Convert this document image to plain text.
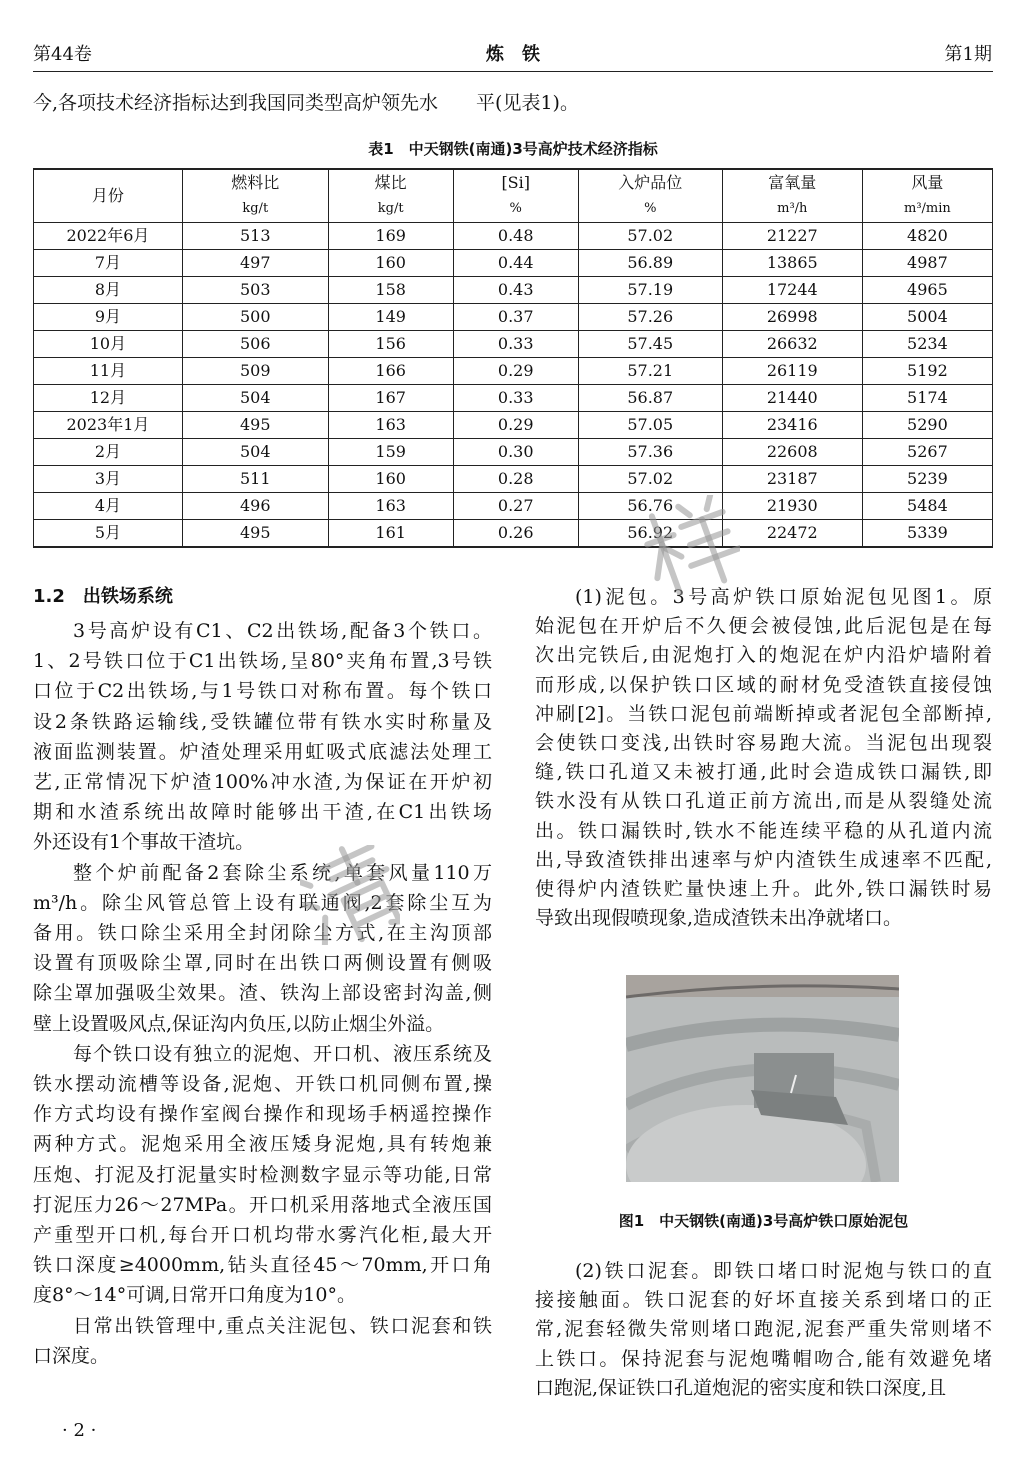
第44卷	炼　铁	第1期
今,各项技术经济指标达到我国同类型高炉领先水　　平(见表1)。
表1　中天钢铁(南通)3号高炉技术经济指标
月份	燃料比	煤比	[Si]	入炉品位	富氧量	风量
	kg/t	kg/t	%	%	m³/h	m³/min
2022年6月	513	169	0.48	57.02	21227	4820
7月	497	160	0.44	56.89	13865	4987
8月	503	158	0.43	57.19	17244	4965
9月	500	149	0.37	57.26	26998	5004
10月	506	156	0.33	57.45	26632	5234
11月	509	166	0.29	57.21	26119	5192
12月	504	167	0.33	56.87	21440	5174
2023年1月	495	163	0.29	57.05	23416	5290
2月	504	159	0.30	57.36	22608	5267
3月	511	160	0.28	57.02	23187	5239
4月	496	163	0.27	56.76	21930	5484
5月	495	161	0.26	56.92	22472	5339
1.2　出铁场系统
3号高炉设有C1、C2出铁场,配备3个铁口。
1、2号铁口位于C1出铁场,呈80°夹角布置,3号铁
口位于C2出铁场,与1号铁口对称布置。每个铁口
设2条铁路运输线,受铁罐位带有铁水实时称量及
液面监测装置。炉渣处理采用虹吸式底滤法处理工
艺,正常情况下炉渣100%冲水渣,为保证在开炉初
期和水渣系统出故障时能够出干渣,在C1出铁场
外还设有1个事故干渣坑。
整个炉前配备2套除尘系统,单套风量110万
m³/h。除尘风管总管上设有联通阀,2套除尘互为
备用。铁口除尘采用全封闭除尘方式,在主沟顶部
设置有顶吸除尘罩,同时在出铁口两侧设置有侧吸
除尘罩加强吸尘效果。渣、铁沟上部设密封沟盖,侧
壁上设置吸风点,保证沟内负压,以防止烟尘外溢。
每个铁口设有独立的泥炮、开口机、液压系统及
铁水摆动流槽等设备,泥炮、开铁口机同侧布置,操
作方式均设有操作室阀台操作和现场手柄遥控操作
两种方式。泥炮采用全液压矮身泥炮,具有转炮兼
压炮、打泥及打泥量实时检测数字显示等功能,日常
打泥压力26～27MPa。开口机采用落地式全液压国
产重型开口机,每台开口机均带水雾汽化柜,最大开
铁口深度≥4000mm,钻头直径45～70mm,开口角
度8°～14°可调,日常开口角度为10°。
日常出铁管理中,重点关注泥包、铁口泥套和铁
口深度。
(1)泥包。3号高炉铁口原始泥包见图1。原
始泥包在开炉后不久便会被侵蚀,此后泥包是在每
次出完铁后,由泥炮打入的炮泥在炉内沿炉墙附着
而形成,以保护铁口区域的耐材免受渣铁直接侵蚀
冲刷[2]。当铁口泥包前端断掉或者泥包全部断掉,
会使铁口变浅,出铁时容易跑大流。当泥包出现裂
缝,铁口孔道又未被打通,此时会造成铁口漏铁,即
铁水没有从铁口孔道正前方流出,而是从裂缝处流
出。铁口漏铁时,铁水不能连续平稳的从孔道内流
出,导致渣铁排出速率与炉内渣铁生成速率不匹配,
使得炉内渣铁贮量快速上升。此外,铁口漏铁时易
导致出现假喷现象,造成渣铁未出净就堵口。
(2)铁口泥套。即铁口堵口时泥炮与铁口的直
接接触面。铁口泥套的好坏直接关系到堵口的正
常,泥套轻微失常则堵口跑泥,泥套严重失常则堵不
上铁口。保持泥套与泥炮嘴帽吻合,能有效避免堵
口跑泥,保证铁口孔道炮泥的密实度和铁口深度,且
图1　中天钢铁(南通)3号高炉铁口原始泥包
· 2 ·
